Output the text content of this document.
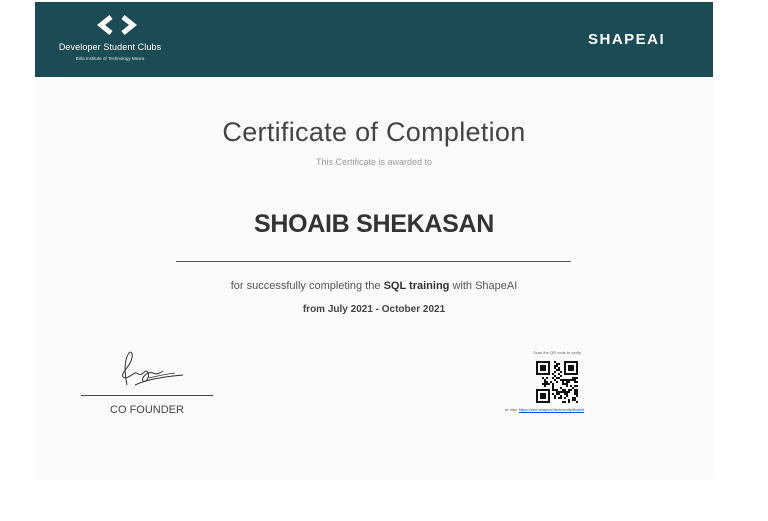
Developer Student Clubs
Birla Institute of Technology Mesra
SHAPEAI
Certificate of Completion
This Certificate is awarded to
SHOAIB SHEKASAN
for successfully completing the SQL training with ShapeAI
from July 2021 - October 2021
CO FOUNDER
Scan the QR code to verify
or visit: https://cert.shapeai.tech/verify/8cab6
